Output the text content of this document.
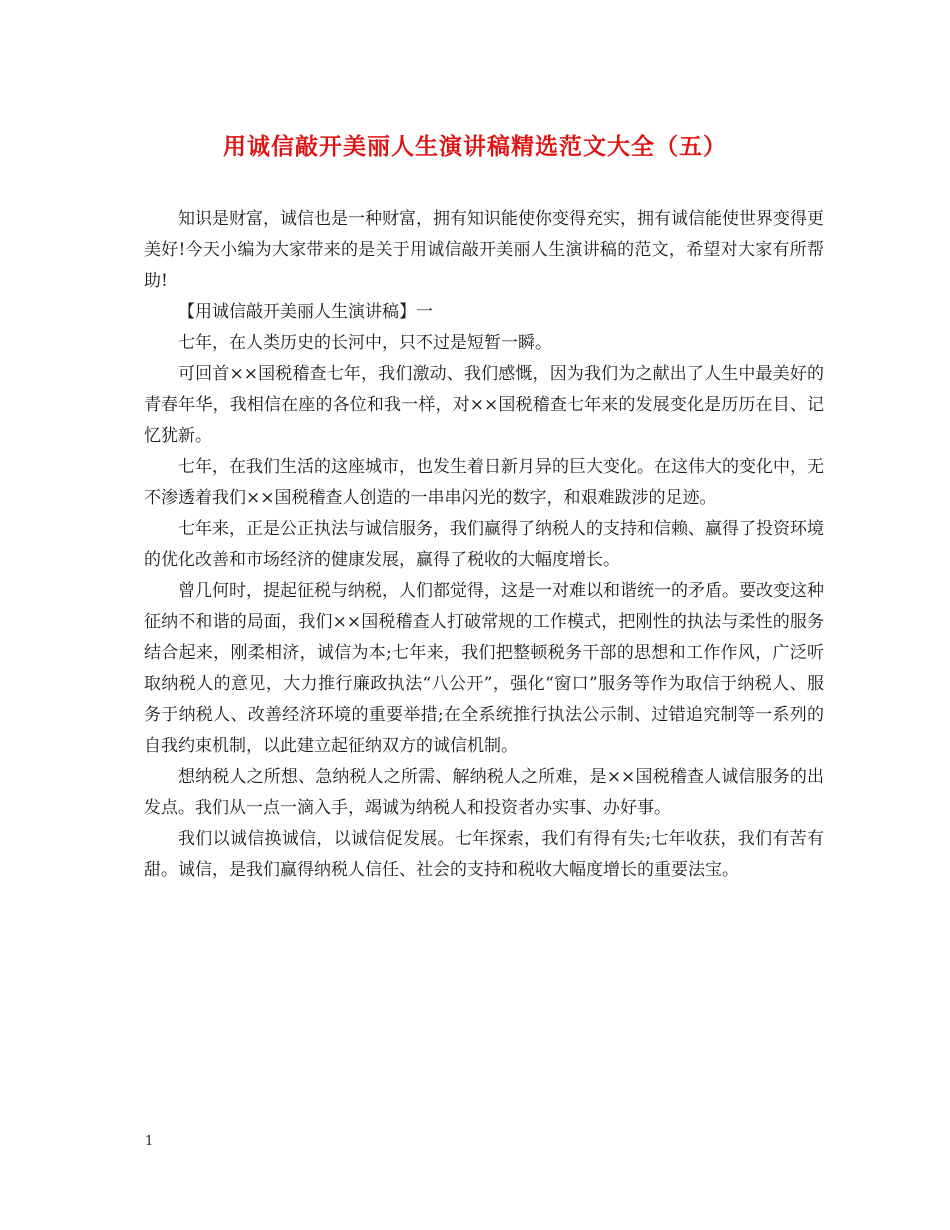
用诚信敲开美丽人生演讲稿精选范文大全（五）

知识是财富，诚信也是一种财富，拥有知识能使你变得充实，拥有诚信能使世界变得更美好!今天小编为大家带来的是关于用诚信敲开美丽人生演讲稿的范文，希望对大家有所帮助!

【用诚信敲开美丽人生演讲稿】一

七年，在人类历史的长河中，只不过是短暂一瞬。

可回首××国税稽查七年，我们激动、我们感慨，因为我们为之献出了人生中最美好的青春年华，我相信在座的各位和我一样，对××国税稽查七年来的发展变化是历历在目、记忆犹新。

七年，在我们生活的这座城市，也发生着日新月异的巨大变化。在这伟大的变化中，无不渗透着我们××国税稽查人创造的一串串闪光的数字，和艰难跋涉的足迹。

七年来，正是公正执法与诚信服务，我们赢得了纳税人的支持和信赖、赢得了投资环境的优化改善和市场经济的健康发展，赢得了税收的大幅度增长。

曾几何时，提起征税与纳税，人们都觉得，这是一对难以和谐统一的矛盾。要改变这种征纳不和谐的局面，我们××国税稽查人打破常规的工作模式，把刚性的执法与柔性的服务结合起来，刚柔相济，诚信为本;七年来，我们把整顿税务干部的思想和工作作风，广泛听取纳税人的意见，大力推行廉政执法“八公开”，强化“窗口”服务等作为取信于纳税人、服务于纳税人、改善经济环境的重要举措;在全系统推行执法公示制、过错追究制等一系列的自我约束机制，以此建立起征纳双方的诚信机制。

想纳税人之所想、急纳税人之所需、解纳税人之所难，是××国税稽查人诚信服务的出发点。我们从一点一滴入手，竭诚为纳税人和投资者办实事、办好事。

我们以诚信换诚信，以诚信促发展。七年探索，我们有得有失;七年收获，我们有苦有甜。诚信，是我们赢得纳税人信任、社会的支持和税收大幅度增长的重要法宝。

1
